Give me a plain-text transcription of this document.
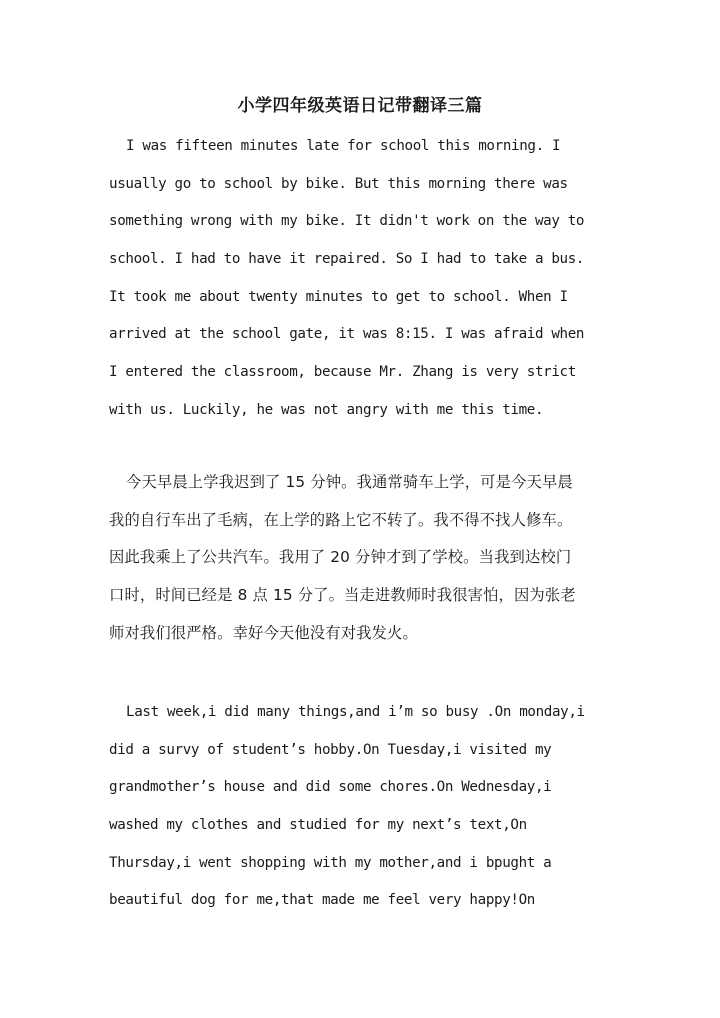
小学四年级英语日记带翻译三篇
I was fifteen minutes late for school this morning. I
usually go to school by bike. But this morning there was
something wrong with my bike. It didn't work on the way to
school. I had to have it repaired. So I had to take a bus.
It took me about twenty minutes to get to school. When I
arrived at the school gate, it was 8:15. I was afraid when
I entered the classroom, because Mr. Zhang is very strict
with us. Luckily, he was not angry with me this time.
今天早晨上学我迟到了 15 分钟。我通常骑车上学，可是今天早晨
我的自行车出了毛病，在上学的路上它不转了。我不得不找人修车。
因此我乘上了公共汽车。我用了 20 分钟才到了学校。当我到达校门
口时，时间已经是 8 点 15 分了。当走进教师时我很害怕，因为张老
师对我们很严格。幸好今天他没有对我发火。
Last week,i did many things,and i’m so busy .On monday,i
did a survy of student’s hobby.On Tuesday,i visited my
grandmother’s house and did some chores.On Wednesday,i
washed my clothes and studied for my next’s text,On
Thursday,i went shopping with my mother,and i bpught a
beautiful dog for me,that made me feel very happy!On
